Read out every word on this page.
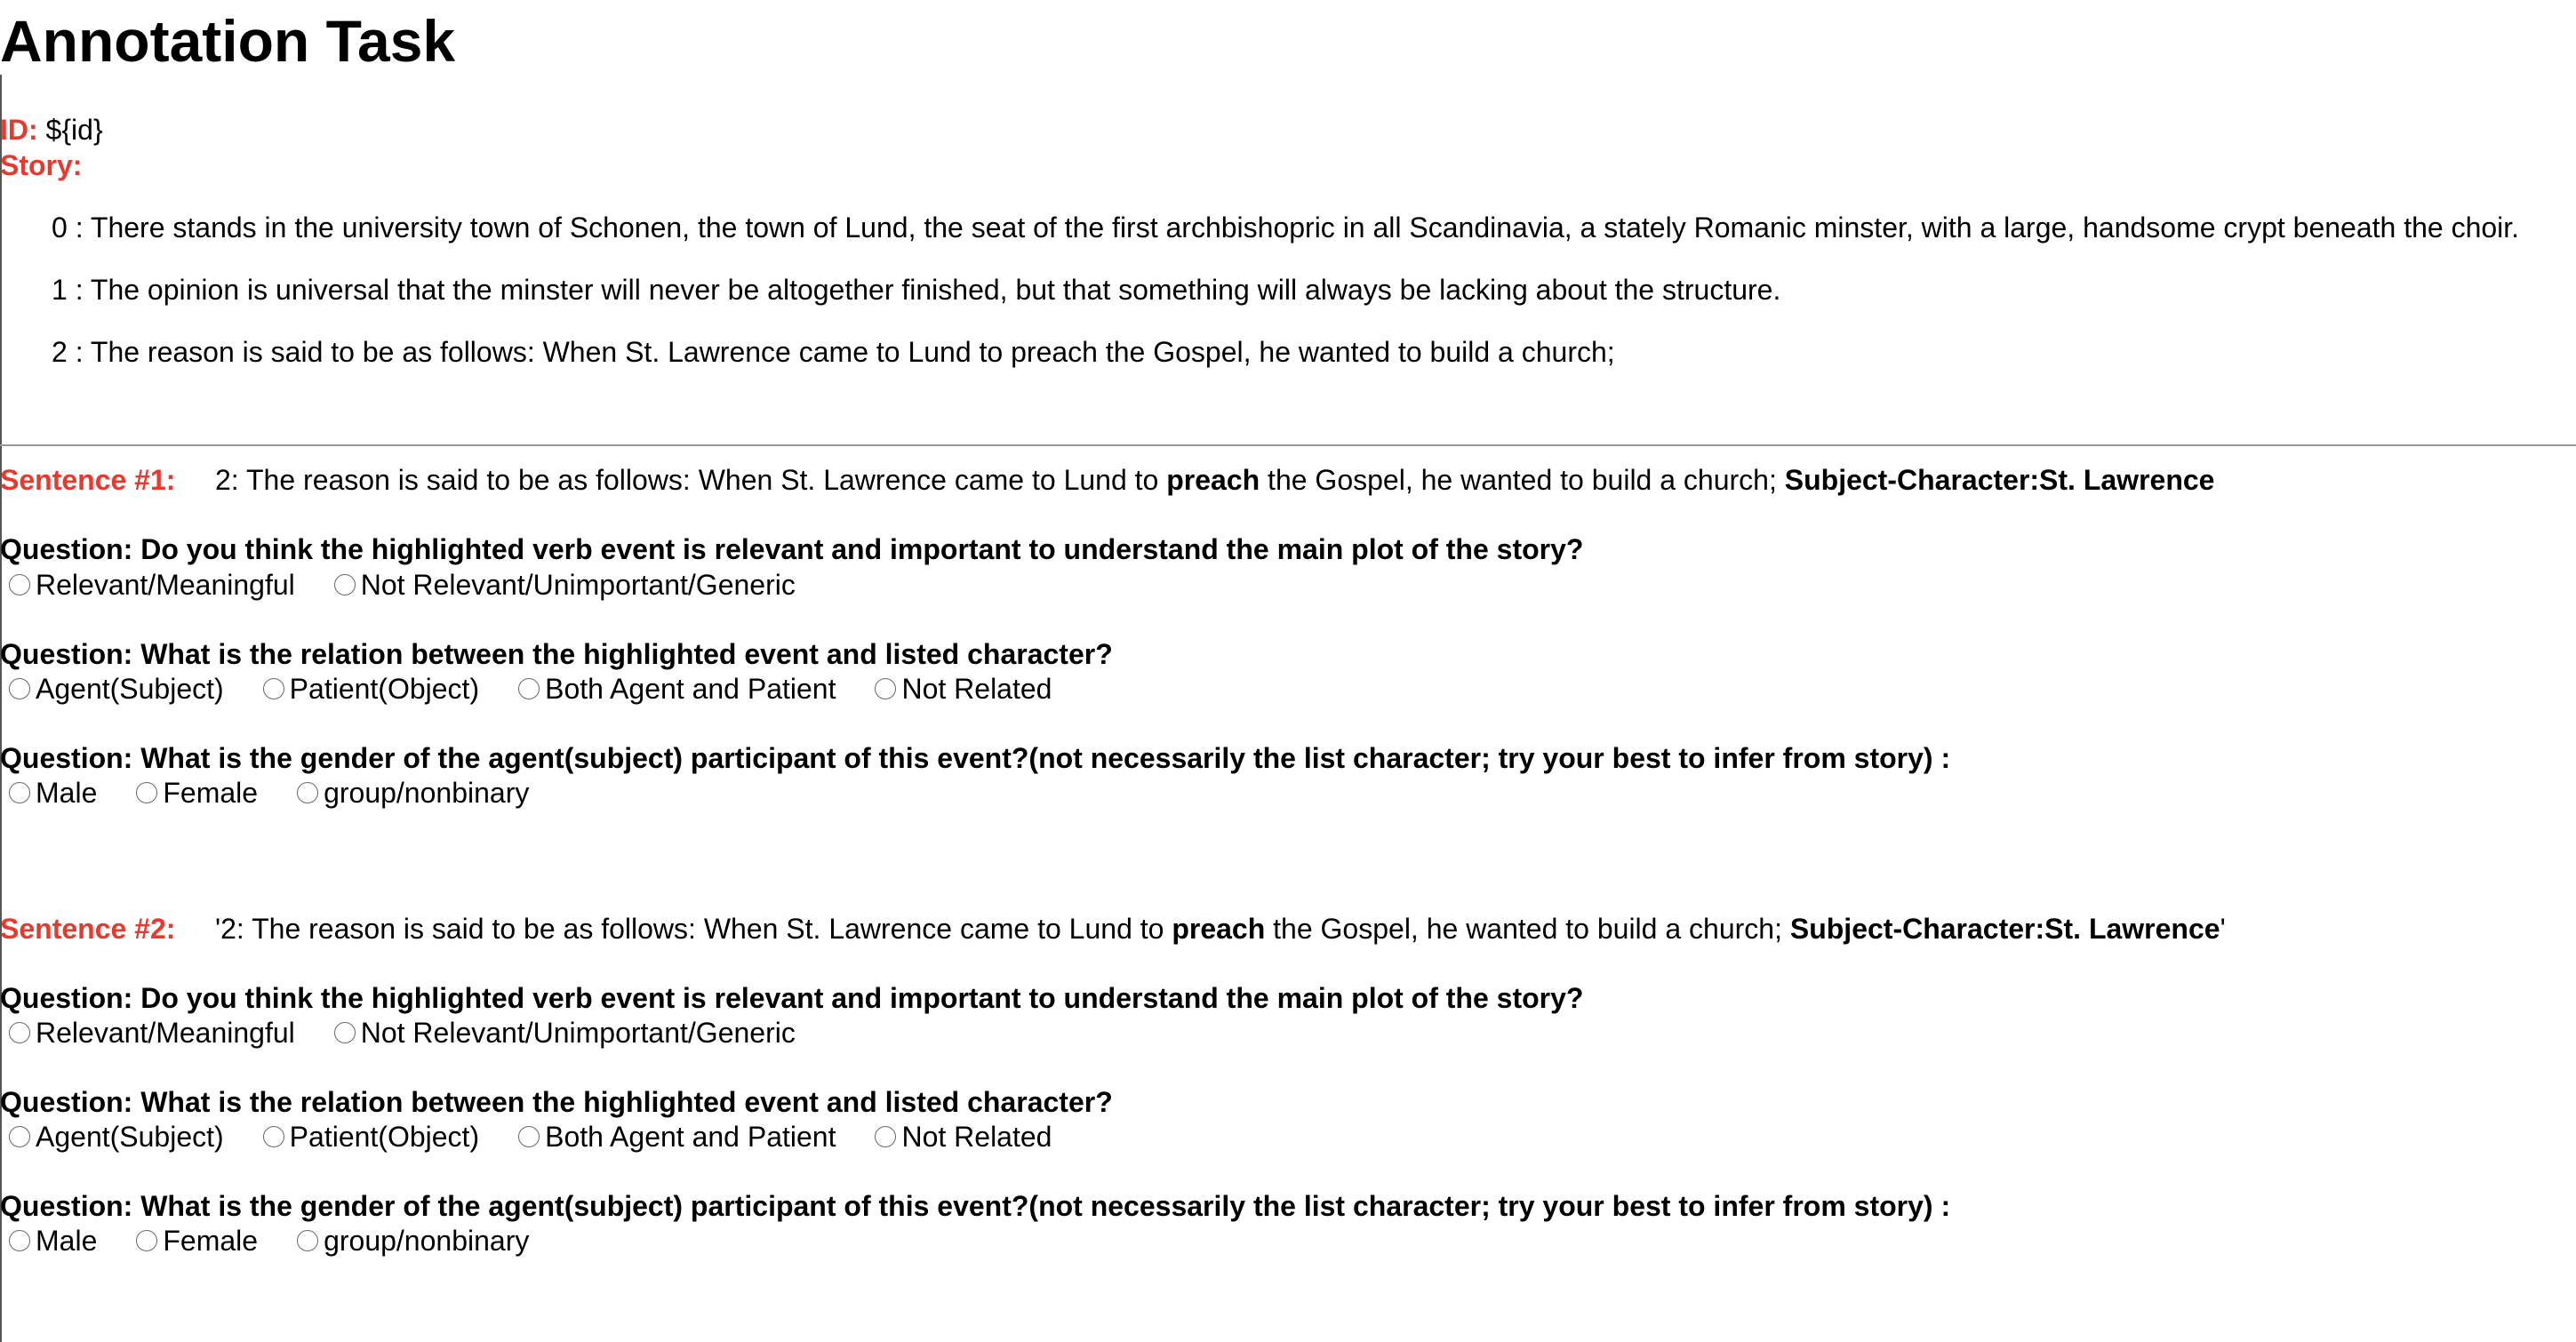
Annotation Task
ID: ${id}
Story:
0 : There stands in the university town of Schonen, the town of Lund, the seat of the first archbishopric in all Scandinavia, a stately Romanic minster, with a large, handsome crypt beneath the choir.
1 : The opinion is universal that the minster will never be altogether finished, but that something will always be lacking about the structure.
2 : The reason is said to be as follows: When St. Lawrence came to Lund to preach the Gospel, he wanted to build a church;
Sentence #1: 2: The reason is said to be as follows: When St. Lawrence came to Lund to preach the Gospel, he wanted to build a church; Subject-Character:St. Lawrence
Question: Do you think the highlighted verb event is relevant and important to understand the main plot of the story?
Relevant/Meaningful Not Relevant/Unimportant/Generic
Question: What is the relation between the highlighted event and listed character?
Agent(Subject) Patient(Object) Both Agent and Patient Not Related
Question: What is the gender of the agent(subject) participant of this event?(not necessarily the list character; try your best to infer from story) :
Male Female group/nonbinary
Sentence #2: '2: The reason is said to be as follows: When St. Lawrence came to Lund to preach the Gospel, he wanted to build a church; Subject-Character:St. Lawrence'
Question: Do you think the highlighted verb event is relevant and important to understand the main plot of the story?
Relevant/Meaningful Not Relevant/Unimportant/Generic
Question: What is the relation between the highlighted event and listed character?
Agent(Subject) Patient(Object) Both Agent and Patient Not Related
Question: What is the gender of the agent(subject) participant of this event?(not necessarily the list character; try your best to infer from story) :
Male Female group/nonbinary
